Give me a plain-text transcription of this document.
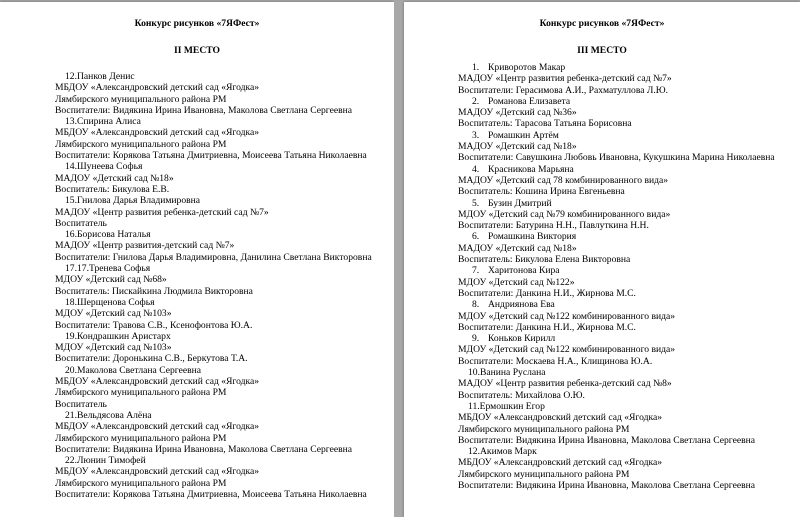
Конкурс рисунков «7ЯФест»
II МЕСТО
12.Панков Денис
МБДОУ «Александровский детский сад «Ягодка»
Лямбирского муниципального района РМ
Воспитатели: Видякина Ирина Ивановна, Маколова Светлана Сергеевна
13.Спирина Алиса
МБДОУ «Александровский детский сад «Ягодка»
Лямбирского муниципального района РМ
Воспитатели: Корякова Татьяна Дмитриевна, Моисеева Татьяна Николаевна
14.Шунеева Софья
МАДОУ «Детский сад №18»
Воспитатель: Бикулова Е.В.
15.Гнилова Дарья Владимировна
МАДОУ «Центр развития ребенка-детский сад №7»
Воспитатель
16.Борисова Наталья
МАДОУ «Центр развития-детский сад №7»
Воспитатели: Гнилова Дарья Владимировна, Данилина Светлана Викторовна
17.17.Тренева Софья
МДОУ «Детский сад №68»
Воспитатель: Пискайкина Людмила Викторовна
18.Шерщенова Софья
МДОУ «Детский сад №103»
Воспитатели: Травова С.В., Ксенофонтова Ю.А.
19.Кондрашкин Аристарх
МДОУ «Детский сад №103»
Воспитатели: Доронькина С.В., Беркутова Т.А.
20.Маколова Светлана Сергеевна
МБДОУ «Александровский детский сад «Ягодка»
Лямбирского муниципального района РМ
Воспитатель
21.Вельдясова Алёна
МБДОУ «Александровский детский сад «Ягодка»
Лямбирского муниципального района РМ
Воспитатели: Видякина Ирина Ивановна, Маколова Светлана Сергеевна
22.Люнин Тимофей
МБДОУ «Александровский детский сад «Ягодка»
Лямбирского муниципального района РМ
Воспитатели: Корякова Татьяна Дмитриевна, Моисеева Татьяна Николаевна
Конкурс рисунков «7ЯФест»
III МЕСТО
1. Криворотов Макар
МАДОУ «Центр развития ребенка-детский сад №7»
Воспитатели: Герасимова А.И., Рахматуллова Л.Ю.
2. Романова Елизавета
МАДОУ «Детский сад №36»
Воспитатель: Тарасова Татьяна Борисовна
3. Ромашкин Артём
МАДОУ «Детский сад №18»
Воспитатели: Савушкина Любовь Ивановна, Кукушкина Марина Николаевна
4. Красникова Марьяна
МАДОУ «Детский сад 78 комбинированного вида»
Воспитатель: Кошина Ирина Евгеньевна
5. Бузин Дмитрий
МДОУ «Детский сад №79 комбинированного вида»
Воспитатели: Батурина Н.Н., Павлуткина Н.Н.
6. Ромашкина Виктория
МАДОУ «Детский сад №18»
Воспитатель: Бикулова Елена Викторовна
7. Харитонова Кира
МДОУ «Детский сад №122»
Воспитатели: Данкина Н.И., Жирнова М.С.
8. Андриянова Ева
МДОУ «Детский сад №122 комбинированного вида»
Воспитатели: Данкина Н.И., Жирнова М.С.
9. Коньков Кирилл
МДОУ «Детский сад №122 комбинированного вида»
Воспитатели: Москаева Н.А., Клищинова Ю.А.
10.Ванина Руслана
МАДОУ «Центр развития ребенка-детский сад №8»
Воспитатель: Михайлова О.Ю.
11.Ермошкин Егор
МБДОУ «Александровский детский сад «Ягодка»
Лямбирского муниципального района РМ
Воспитатели: Видякина Ирина Ивановна, Маколова Светлана Сергеевна
12.Акимов Марк
МБДОУ «Александровский детский сад «Ягодка»
Лямбирского муниципального района РМ
Воспитатели: Видякина Ирина Ивановна, Маколова Светлана Сергеевна
